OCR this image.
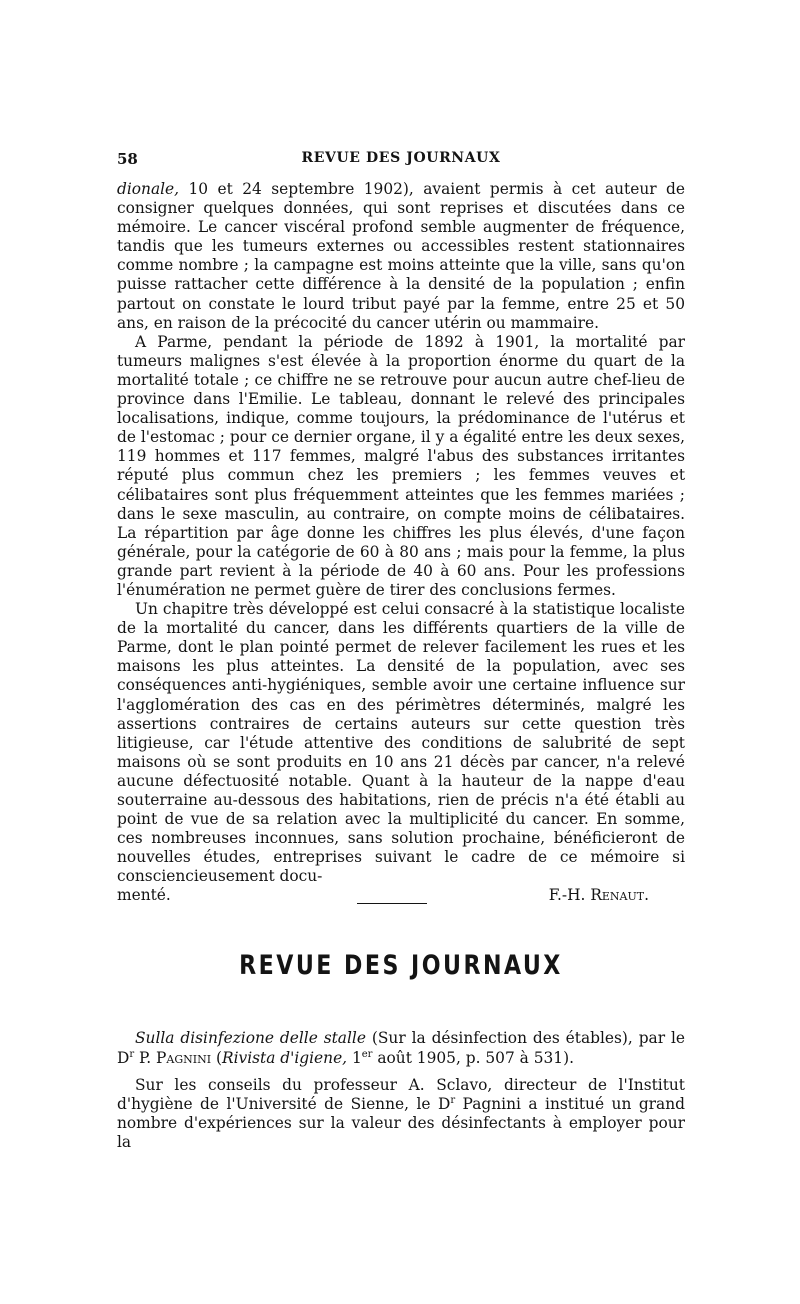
58	REVUE DES JOURNAUX

dionale, 10 et 24 septembre 1902), avaient permis à cet auteur de consigner quelques données, qui sont reprises et discutées dans ce mémoire. Le cancer viscéral profond semble augmenter de fréquence, tandis que les tumeurs externes ou accessibles restent stationnaires comme nombre ; la campagne est moins atteinte que la ville, sans qu'on puisse rattacher cette différence à la densité de la population ; enfin partout on constate le lourd tribut payé par la femme, entre 25 et 50 ans, en raison de la précocité du cancer utérin ou mammaire.

A Parme, pendant la période de 1892 à 1901, la mortalité par tumeurs malignes s'est élevée à la proportion énorme du quart de la mortalité totale ; ce chiffre ne se retrouve pour aucun autre chef-lieu de province dans l'Emilie. Le tableau, donnant le relevé des principales localisations, indique, comme toujours, la prédominance de l'utérus et de l'estomac ; pour ce dernier organe, il y a égalité entre les deux sexes, 119 hommes et 117 femmes, malgré l'abus des substances irritantes réputé plus commun chez les premiers ; les femmes veuves et célibataires sont plus fréquemment atteintes que les femmes mariées ; dans le sexe masculin, au contraire, on compte moins de célibataires. La répartition par âge donne les chiffres les plus élevés, d'une façon générale, pour la catégorie de 60 à 80 ans ; mais pour la femme, la plus grande part revient à la période de 40 à 60 ans. Pour les professions l'énumération ne permet guère de tirer des conclusions fermes.

Un chapitre très développé est celui consacré à la statistique localiste de la mortalité du cancer, dans les différents quartiers de la ville de Parme, dont le plan pointé permet de relever facilement les rues et les maisons les plus atteintes. La densité de la population, avec ses conséquences anti-hygiéniques, semble avoir une certaine influence sur l'agglomération des cas en des périmètres déterminés, malgré les assertions contraires de certains auteurs sur cette question très litigieuse, car l'étude attentive des conditions de salubrité de sept maisons où se sont produits en 10 ans 21 décès par cancer, n'a relevé aucune défectuosité notable. Quant à la hauteur de la nappe d'eau souterraine au-dessous des habitations, rien de précis n'a été établi au point de vue de sa relation avec la multiplicité du cancer. En somme, ces nombreuses inconnues, sans solution prochaine, bénéficieront de nouvelles études, entreprises suivant le cadre de ce mémoire si consciencieusement docu-

menté.	F.-H. Renaut.
REVUE DES JOURNAUX

Sulla disinfezione delle stalle (Sur la désinfection des étables), par le $D^r$ P. Pagnini (Rivista d'igiene, 1er août 1905, p. 507 à 531).

Sur les conseils du professeur A. Sclavo, directeur de l'Institut d'hygiène de l'Université de Sienne, le $D^r$ Pagnini a institué un grand nombre d'expériences sur la valeur des désinfectants à employer pour la
